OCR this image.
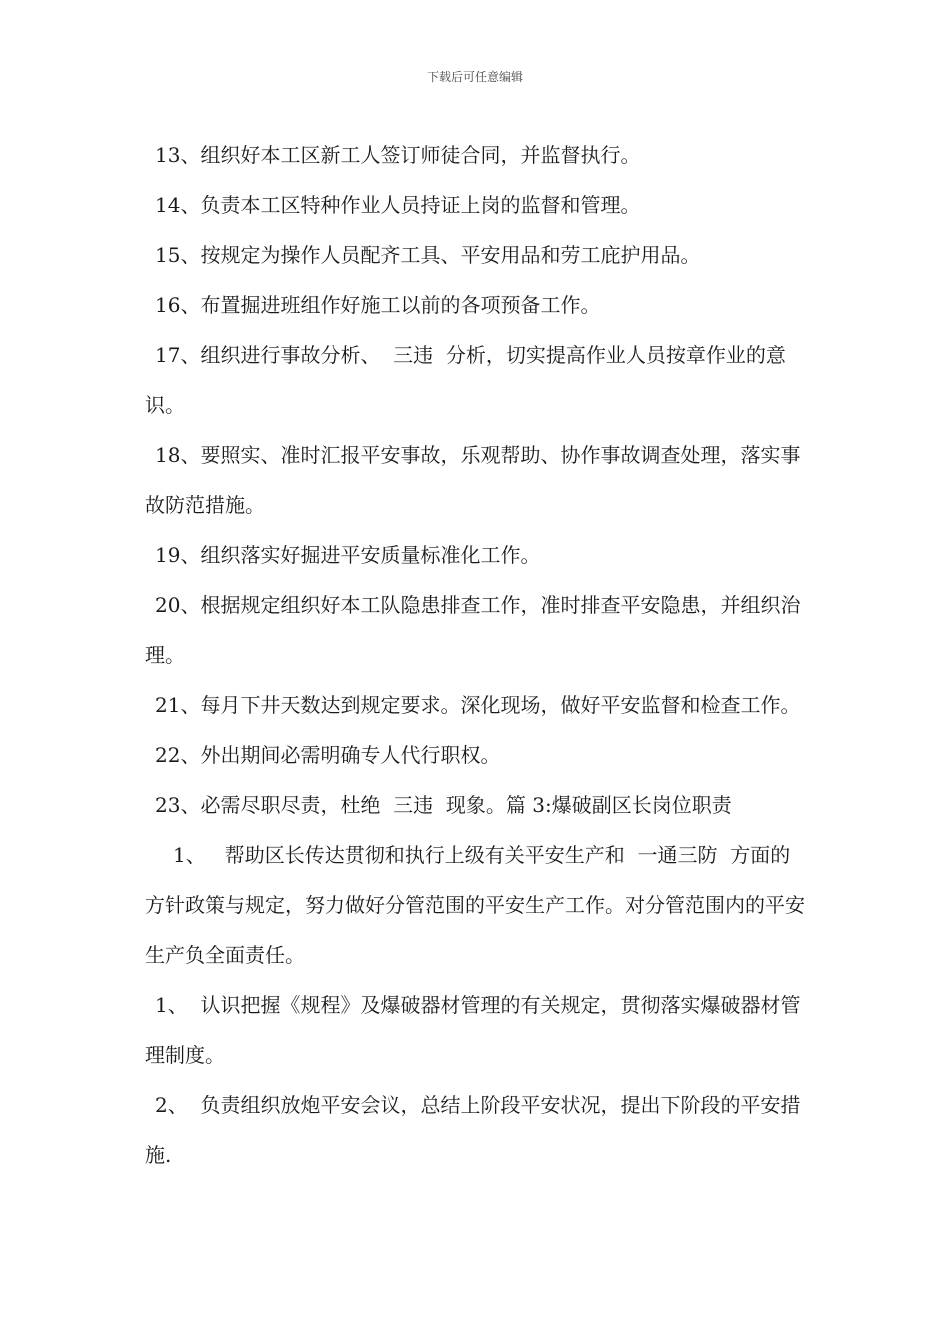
下载后可任意编辑

13、组织好本工区新工人签订师徒合同，并监督执行。

14、负责本工区特种作业人员持证上岗的监督和管理。

15、按规定为操作人员配齐工具、平安用品和劳工庇护用品。

16、布置掘进班组作好施工以前的各项预备工作。

17、组织进行事故分析、  三违  分析，切实提高作业人员按章作业的意识。

18、要照实、准时汇报平安事故，乐观帮助、协作事故调查处理，落实事故防范措施。

19、组织落实好掘进平安质量标准化工作。

20、根据规定组织好本工队隐患排查工作，准时排查平安隐患，并组织治理。

21、每月下井天数达到规定要求。深化现场，做好平安监督和检查工作。

22、外出期间必需明确专人代行职权。

23、必需尽职尽责，杜绝  三违  现象。篇 3:爆破副区长岗位职责

1、   帮助区长传达贯彻和执行上级有关平安生产和  一通三防  方面的方针政策与规定，努力做好分管范围的平安生产工作。对分管范围内的平安生产负全面责任。

1、  认识把握《规程》及爆破器材管理的有关规定，贯彻落实爆破器材管理制度。

2、  负责组织放炮平安会议，总结上阶段平安状况，提出下阶段的平安措施.
